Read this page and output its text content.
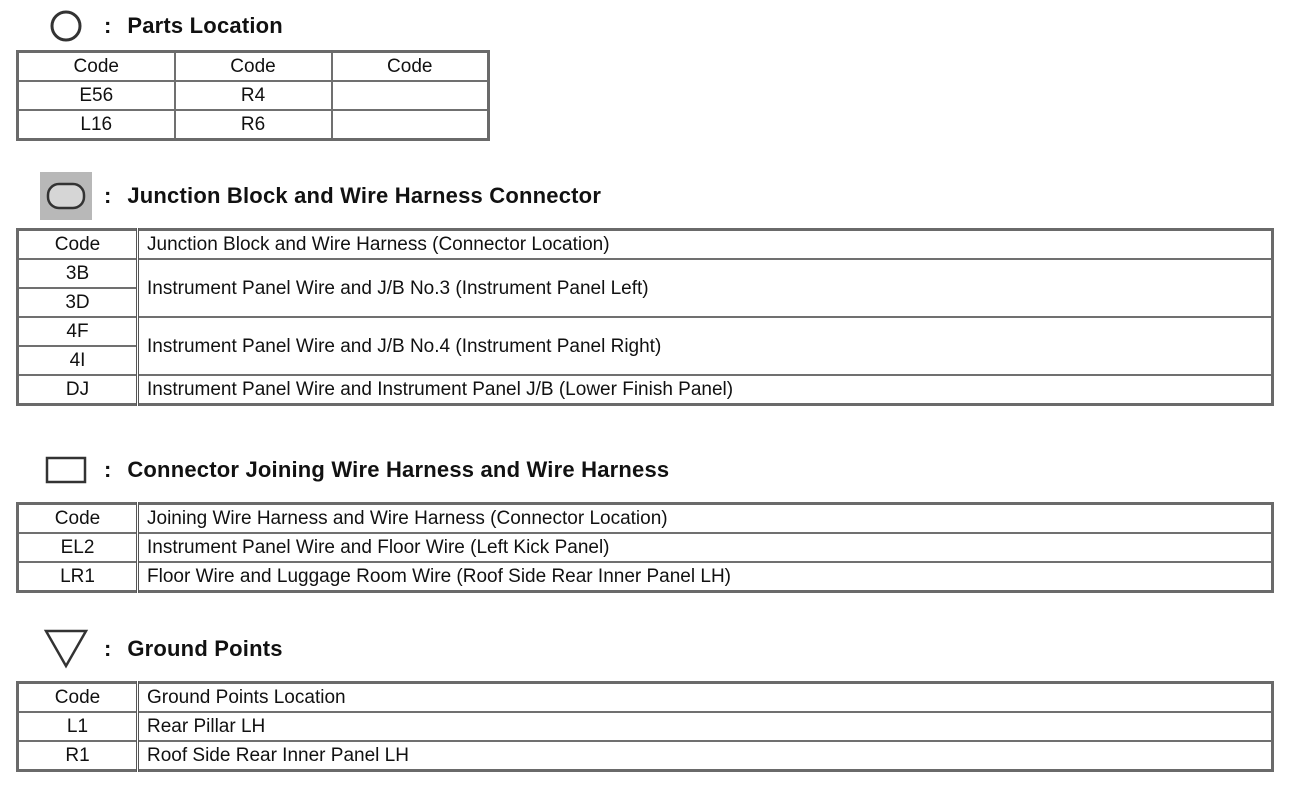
: Parts Location
Code	Code	Code
E56	R4	
L16	R6	
: Junction Block and Wire Harness Connector
Code	Junction Block and Wire Harness (Connector Location)
3B	Instrument Panel Wire and J/B No.3 (Instrument Panel Left)
3D	
4F	Instrument Panel Wire and J/B No.4 (Instrument Panel Right)
4I	
DJ	Instrument Panel Wire and Instrument Panel J/B (Lower Finish Panel)
: Connector Joining Wire Harness and Wire Harness
Code	Joining Wire Harness and Wire Harness (Connector Location)
EL2	Instrument Panel Wire and Floor Wire (Left Kick Panel)
LR1	Floor Wire and Luggage Room Wire (Roof Side Rear Inner Panel LH)
: Ground Points
Code	Ground Points Location
L1	Rear Pillar LH
R1	Roof Side Rear Inner Panel LH
